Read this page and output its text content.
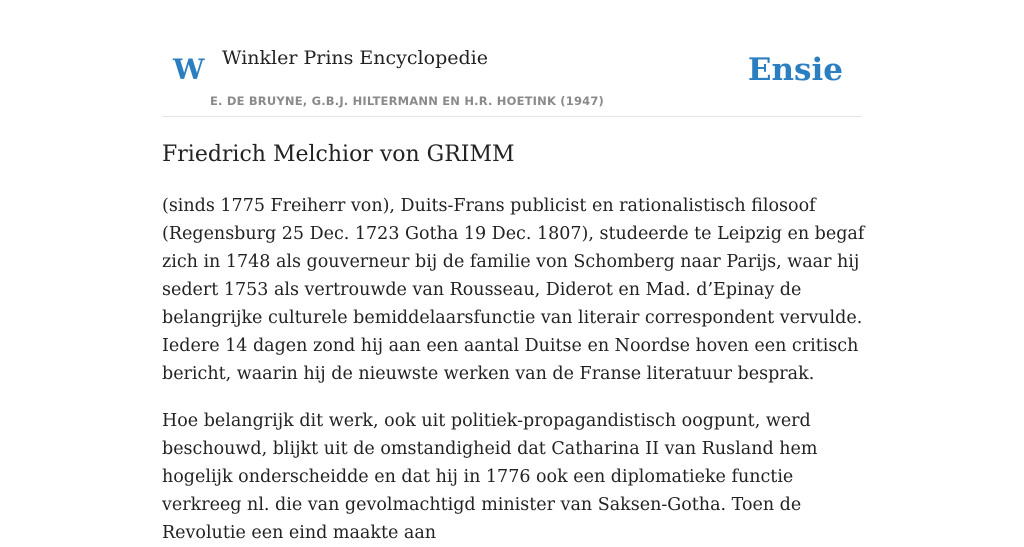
W Winkler Prins Encyclopedie
E. DE BRUYNE, G.B.J. HILTERMANN EN H.R. HOETINK (1947)
Ensie
Friedrich Melchior von GRIMM

(sinds 1775 Freiherr von), Duits-Frans publicist en rationalistisch filosoof (Regensburg 25 Dec. 1723 Gotha 19 Dec. 1807), studeerde te Leipzig en begaf zich in 1748 als gouverneur bij de familie von Schomberg naar Parijs, waar hij sedert 1753 als vertrouwde van Rousseau, Diderot en Mad. d’Epinay de belangrijke culturele bemiddelaarsfunctie van literair correspondent vervulde. Iedere 14 dagen zond hij aan een aantal Duitse en Noordse hoven een critisch bericht, waarin hij de nieuwste werken van de Franse literatuur besprak.

Hoe belangrijk dit werk, ook uit politiek-propagandistisch oogpunt, werd beschouwd, blijkt uit de omstandigheid dat Catharina II van Rusland hem hogelijk onderscheidde en dat hij in 1776 ook een diplomatieke functie verkreeg nl. die van gevolmachtigd minister van Saksen-Gotha. Toen de Revolutie een eind maakte aan
